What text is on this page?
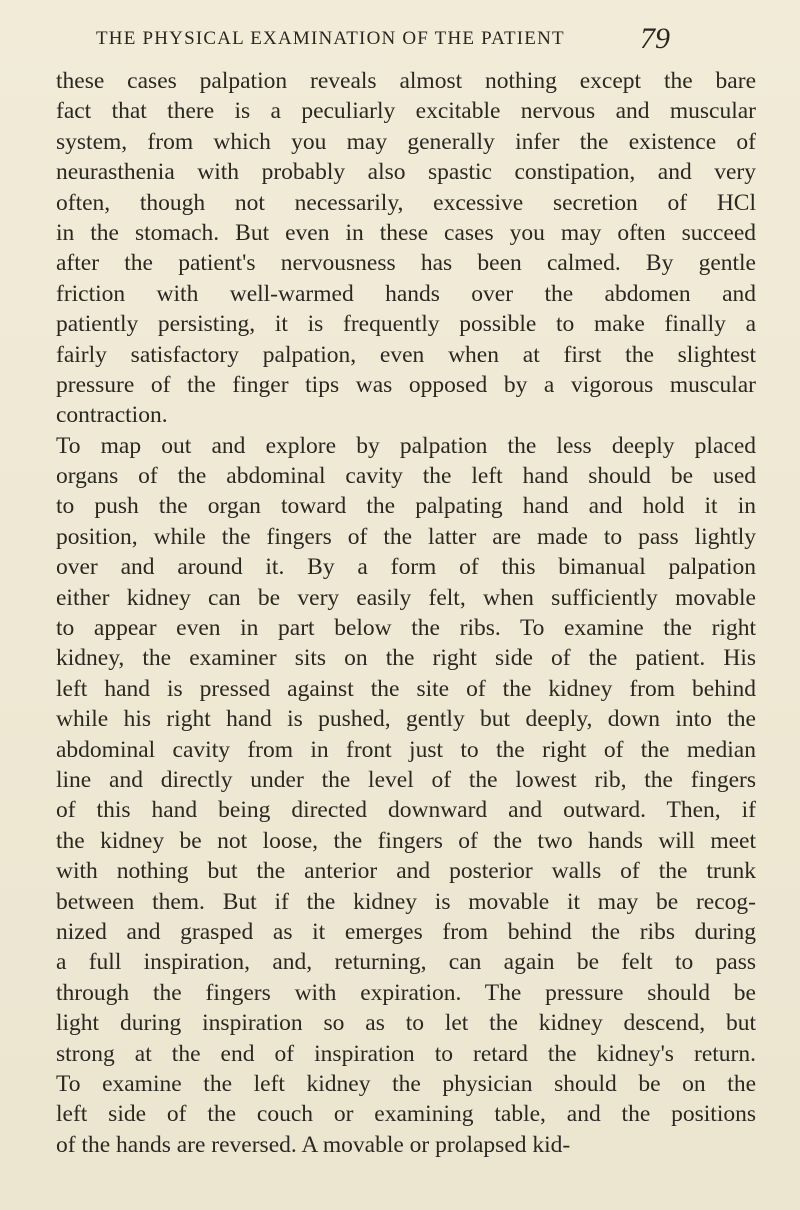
THE PHYSICAL EXAMINATION OF THE PATIENT	79
these cases palpation reveals almost nothing except the bare
fact that there is a peculiarly excitable nervous and muscular
system, from which you may generally infer the existence of
neurasthenia with probably also spastic constipation, and very
often, though not necessarily, excessive secretion of HCl
in the stomach. But even in these cases you may often succeed
after the patient's nervousness has been calmed. By gentle
friction with well-warmed hands over the abdomen and
patiently persisting, it is frequently possible to make finally a
fairly satisfactory palpation, even when at first the slightest
pressure of the finger tips was opposed by a vigorous muscular
contraction.
To map out and explore by palpation the less deeply placed
organs of the abdominal cavity the left hand should be used
to push the organ toward the palpating hand and hold it in
position, while the fingers of the latter are made to pass lightly
over and around it. By a form of this bimanual palpation
either kidney can be very easily felt, when sufficiently movable
to appear even in part below the ribs. To examine the right
kidney, the examiner sits on the right side of the patient. His
left hand is pressed against the site of the kidney from behind
while his right hand is pushed, gently but deeply, down into the
abdominal cavity from in front just to the right of the median
line and directly under the level of the lowest rib, the fingers
of this hand being directed downward and outward. Then, if
the kidney be not loose, the fingers of the two hands will meet
with nothing but the anterior and posterior walls of the trunk
between them. But if the kidney is movable it may be recog-
nized and grasped as it emerges from behind the ribs during
a full inspiration, and, returning, can again be felt to pass
through the fingers with expiration. The pressure should be
light during inspiration so as to let the kidney descend, but
strong at the end of inspiration to retard the kidney's return.
To examine the left kidney the physician should be on the
left side of the couch or examining table, and the positions
of the hands are reversed. A movable or prolapsed kid-
